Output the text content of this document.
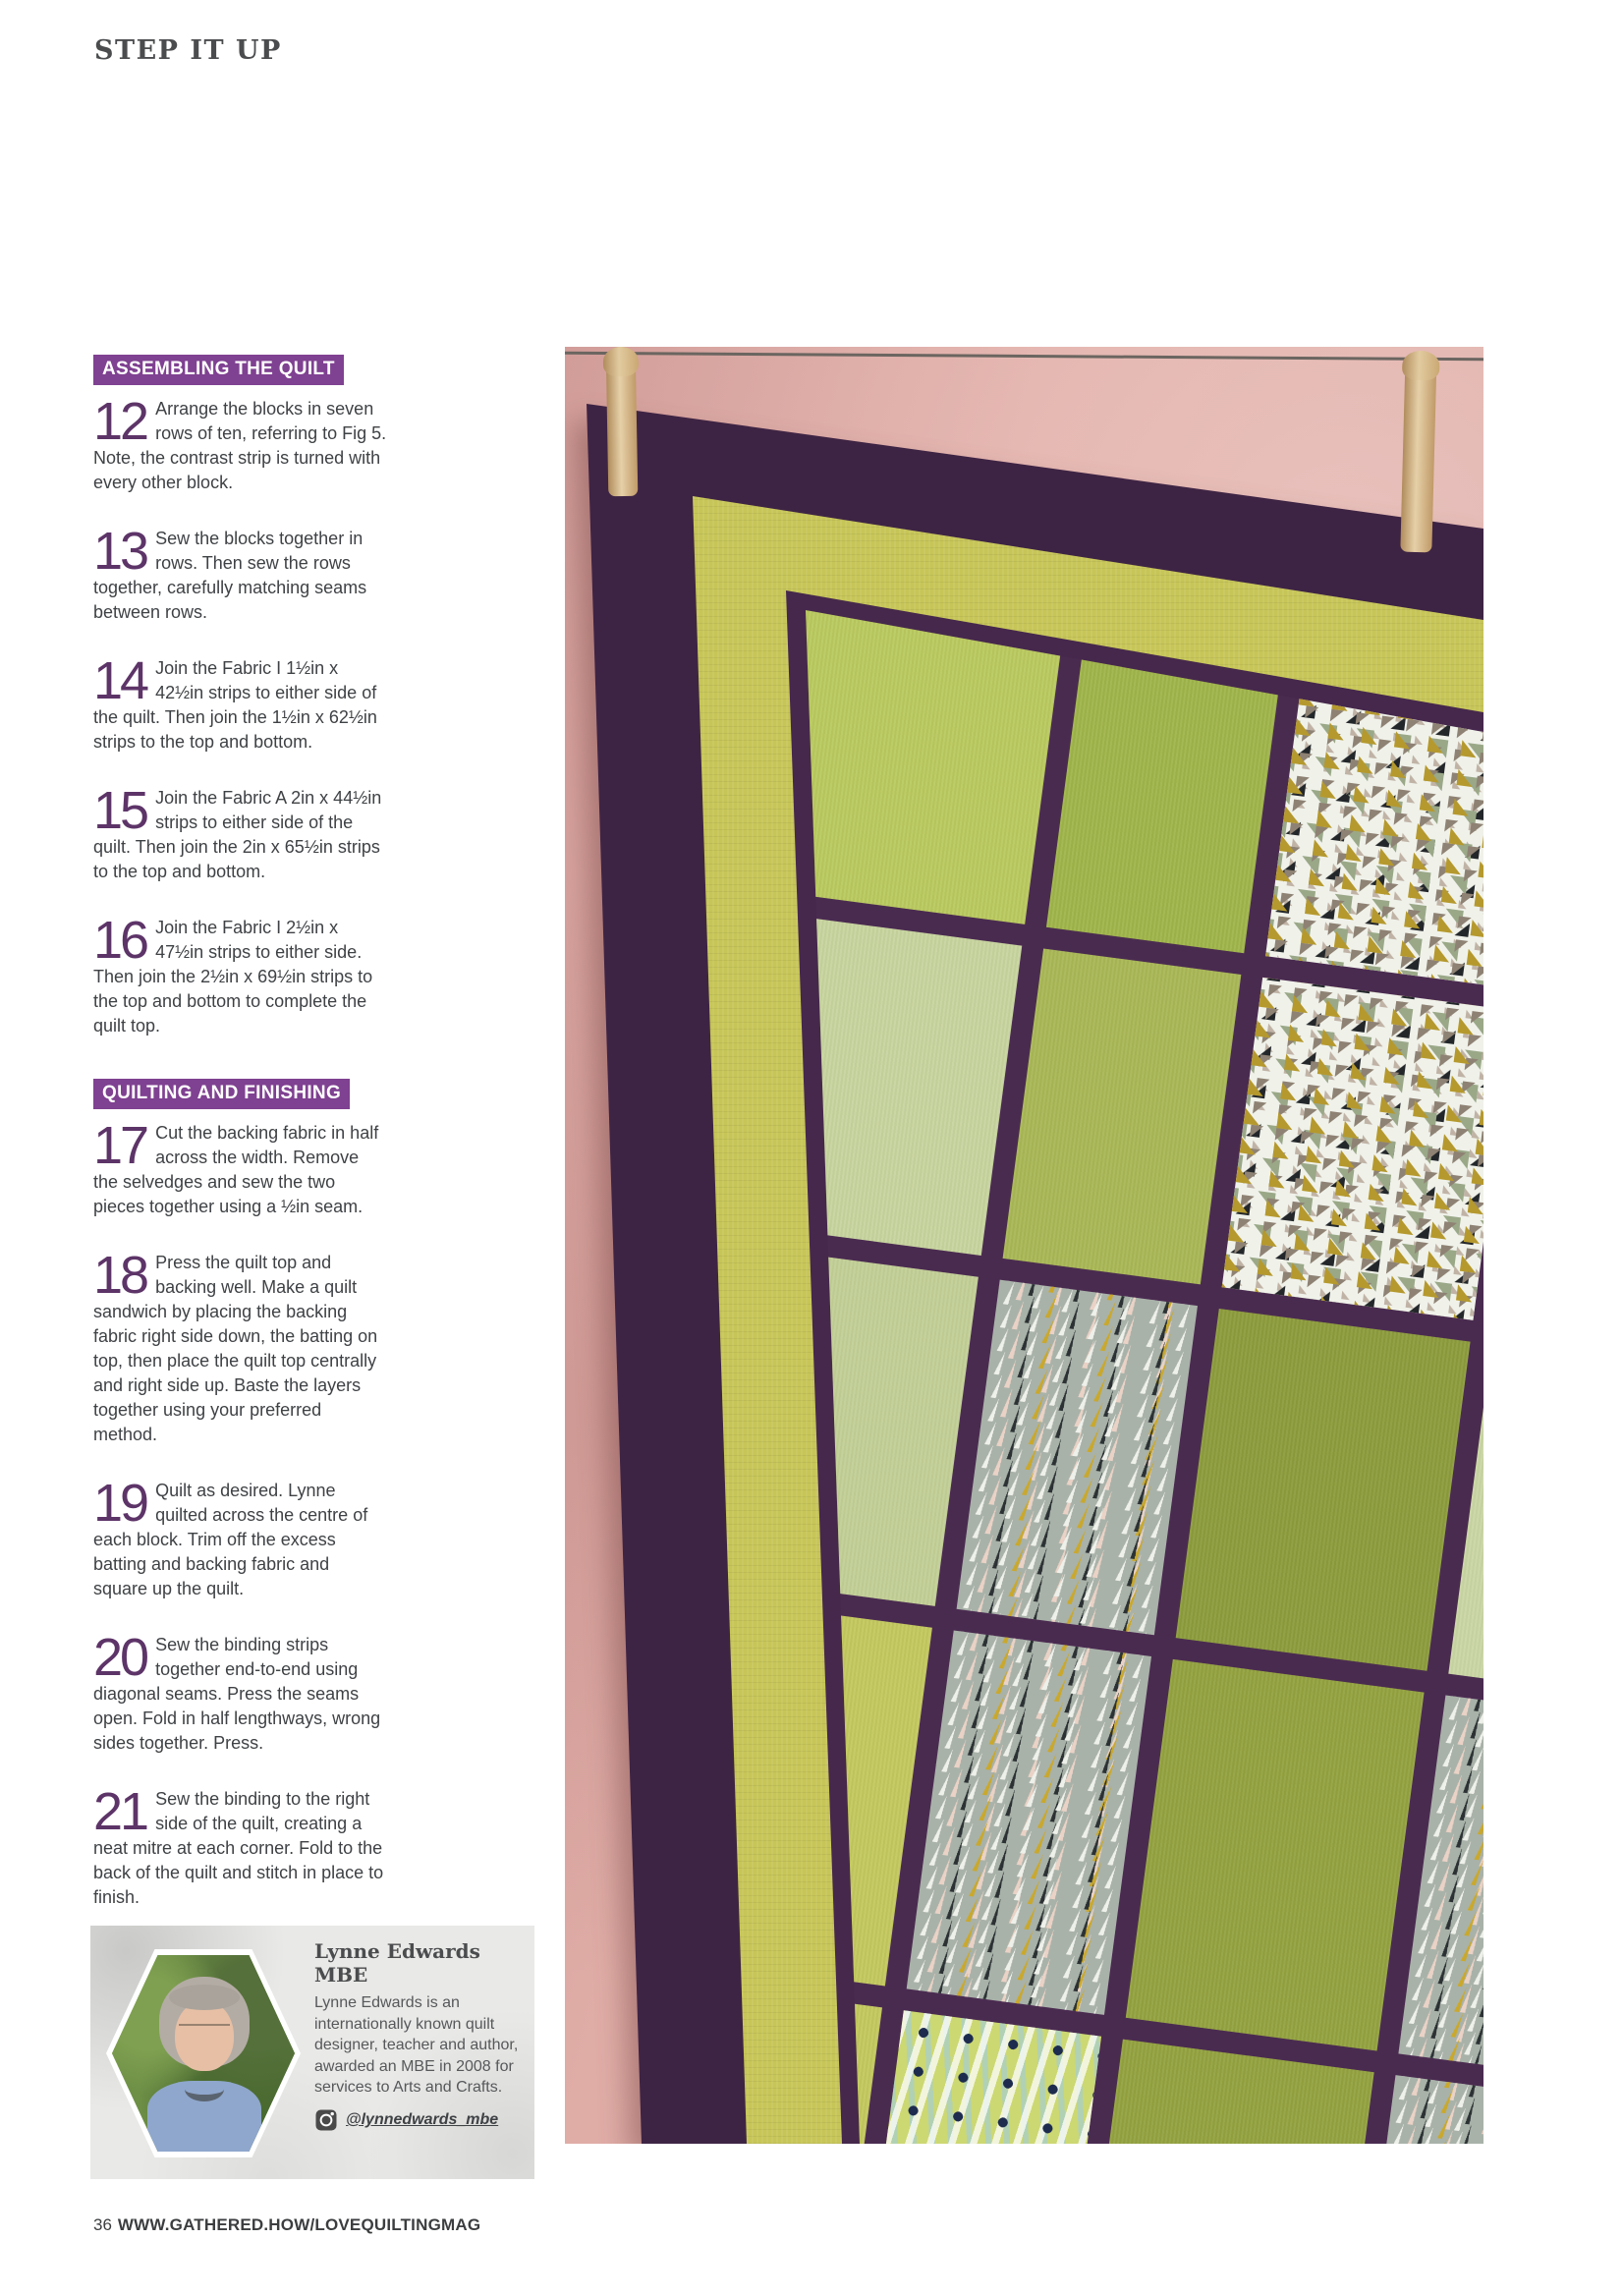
STEP IT UP
ASSEMBLING THE QUILT
12 Arrange the blocks in seven rows of ten, referring to Fig 5. Note, the contrast strip is turned with every other block.
13 Sew the blocks together in rows. Then sew the rows together, carefully matching seams between rows.
14 Join the Fabric I 1½in x 42½in strips to either side of the quilt. Then join the 1½in x 62½in strips to the top and bottom.
15 Join the Fabric A 2in x 44½in strips to either side of the quilt. Then join the 2in x 65½in strips to the top and bottom.
16 Join the Fabric I 2½in x 47½in strips to either side. Then join the 2½in x 69½in strips to the top and bottom to complete the quilt top.
QUILTING AND FINISHING
17 Cut the backing fabric in half across the width. Remove the selvedges and sew the two pieces together using a ½in seam.
18 Press the quilt top and backing well. Make a quilt sandwich by placing the backing fabric right side down, the batting on top, then place the quilt top centrally and right side up. Baste the layers together using your preferred method.
19 Quilt as desired. Lynne quilted across the centre of each block. Trim off the excess batting and backing fabric and square up the quilt.
20 Sew the binding strips together end-to-end using diagonal seams. Press the seams open. Fold in half lengthways, wrong sides together. Press.
21 Sew the binding to the right side of the quilt, creating a neat mitre at each corner. Fold to the back of the quilt and stitch in place to finish.
Lynne Edwards MBE
Lynne Edwards is an internationally known quilt designer, teacher and author, awarded an MBE in 2008 for services to Arts and Crafts.
@lynnedwards_mbe
36 WWW.GATHERED.HOW/LOVEQUILTINGMAG
